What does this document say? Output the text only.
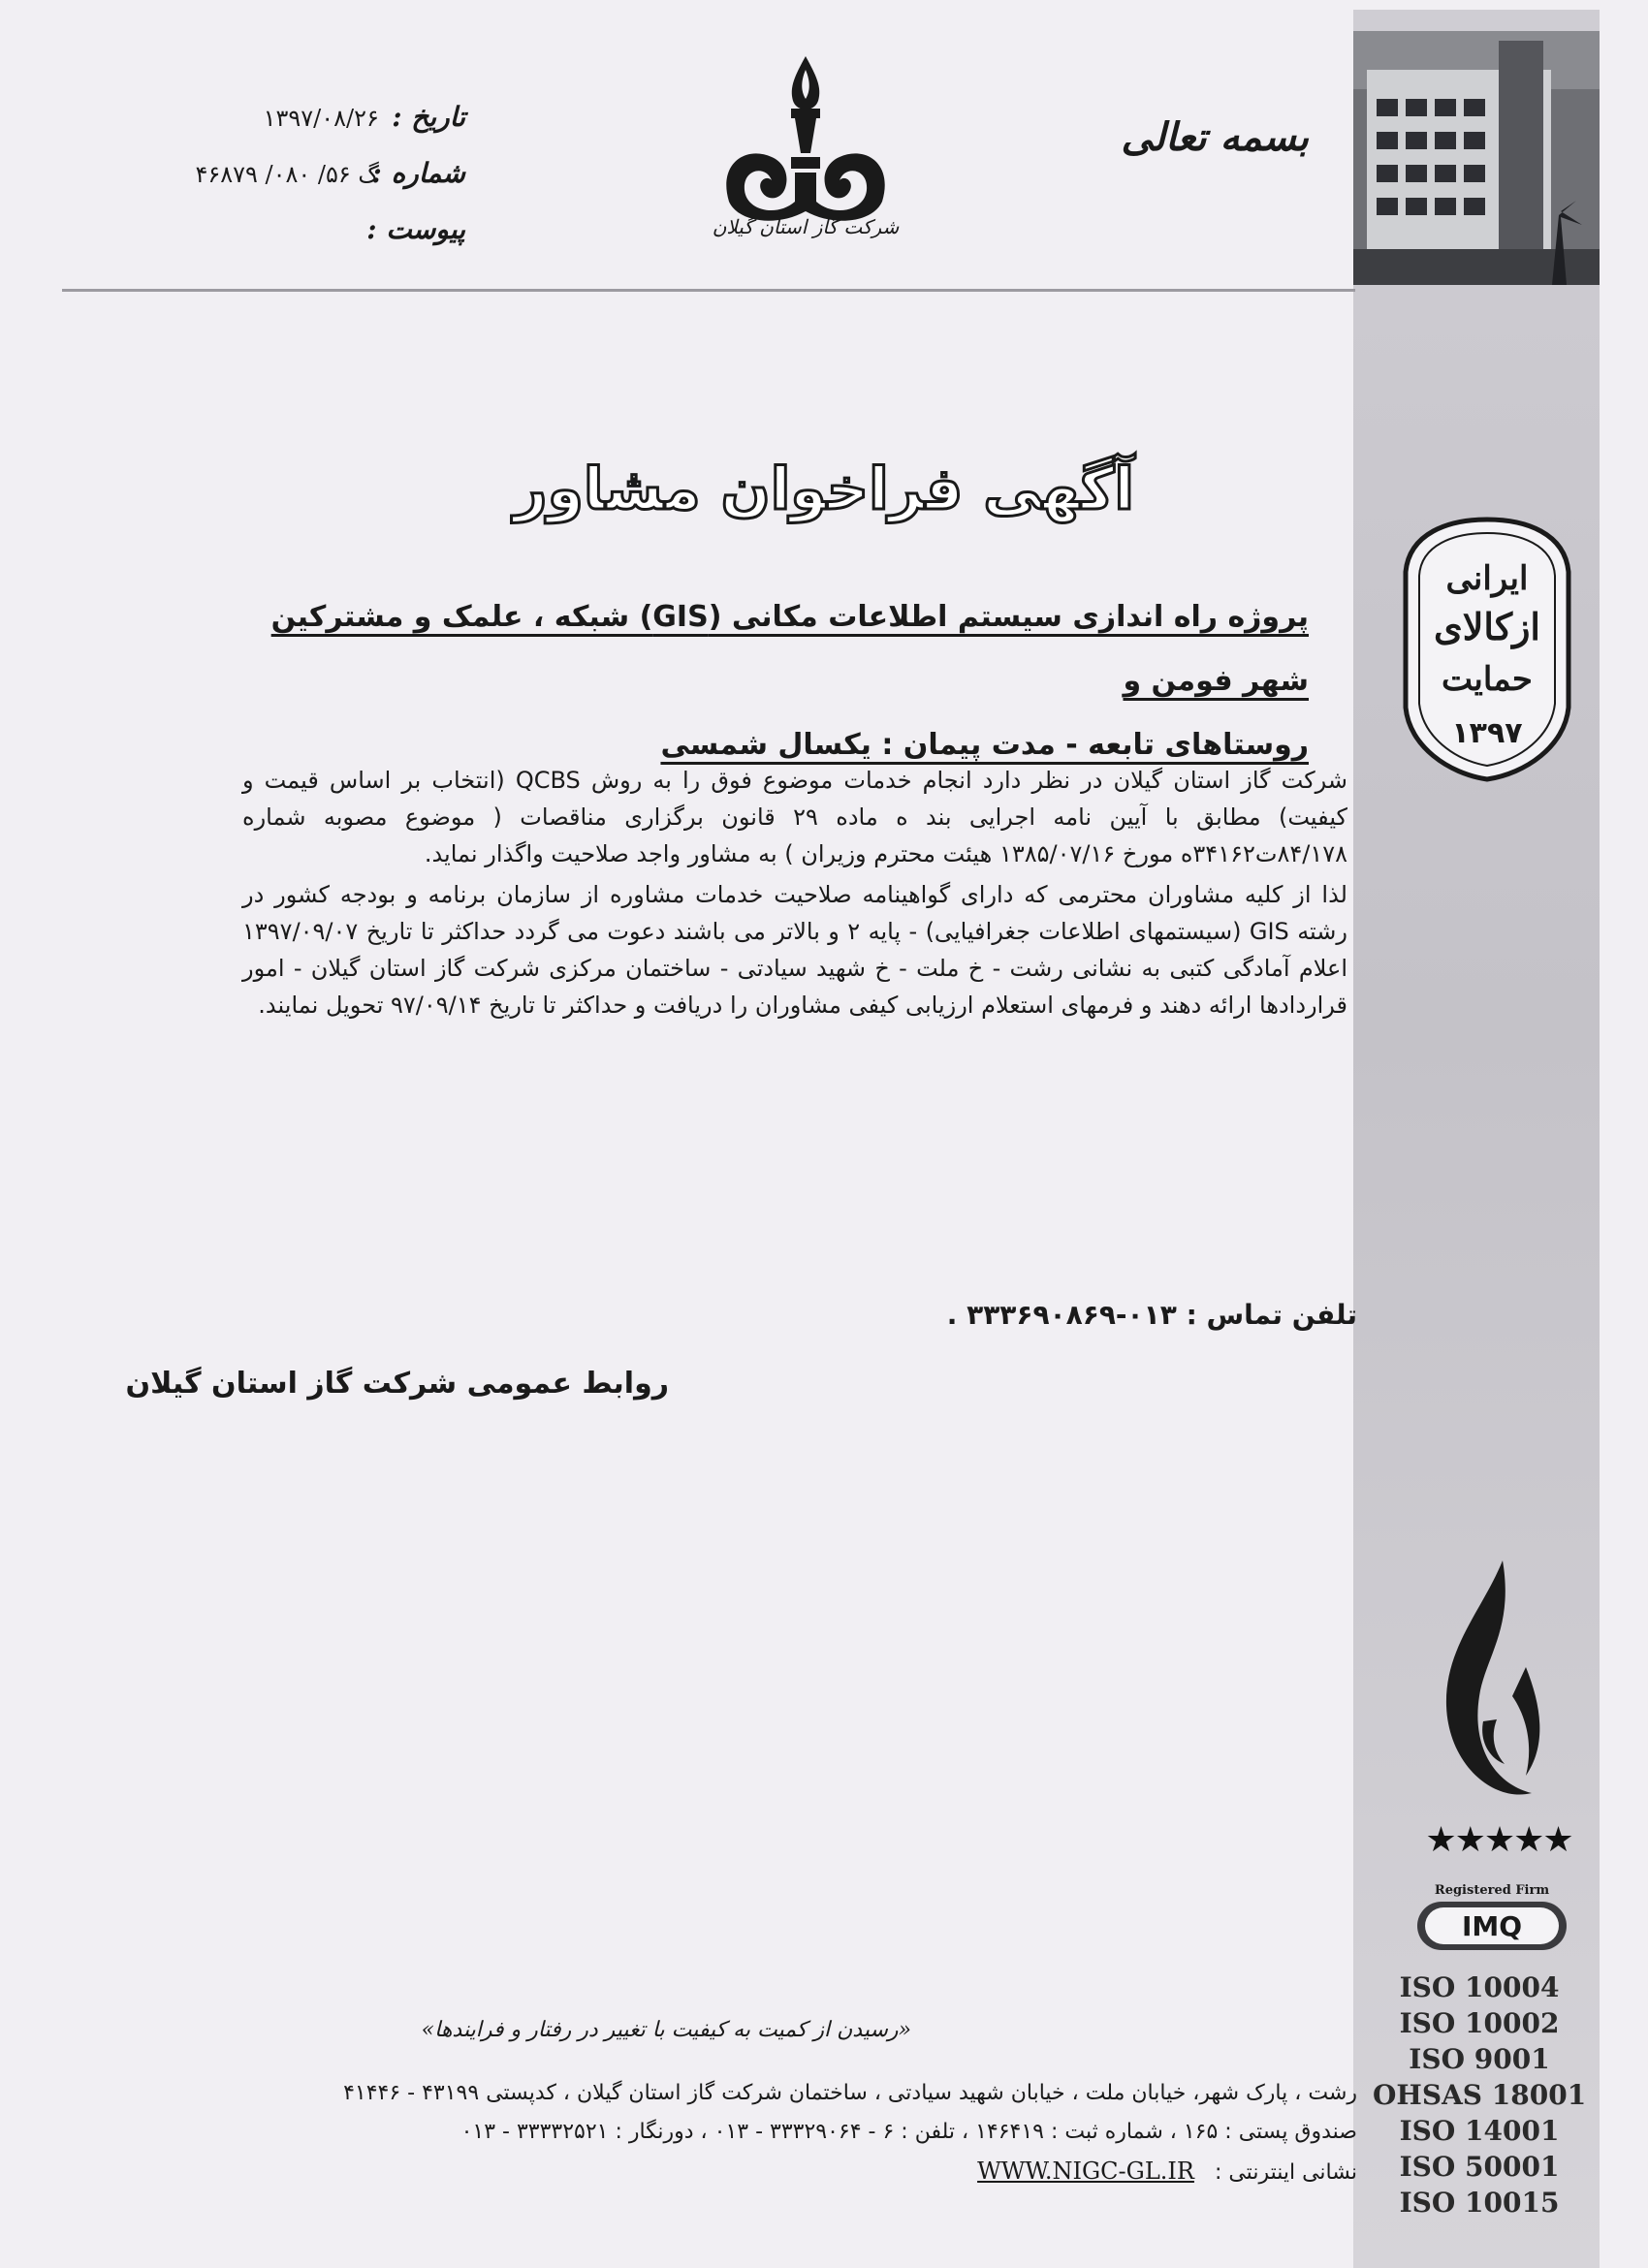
ایرانی
ازکالای
حمایت
۱۳۹۷
★★★★★
Registered Firm
IMQ
ISO 10004
ISO 10002
ISO 9001
OHSAS 18001
ISO 14001
ISO 50001
ISO 10015
بسمه تعالی
شرکت گاز استان گیلان
تاریخ : ۱۳۹۷/۰۸/۲۶
شماره : گ ۵۶/ ۰۸۰/ ۴۶۸۷۹
پیوست :
آگهی فراخوان مشاور
پروژه راه اندازی سیستم اطلاعات مکانی (GIS) شبکه ، علمک و مشترکین شهر فومن و
روستاهای تابعه - مدت پیمان : یکسال شمسی

شرکت گاز استان گیلان در نظر دارد انجام خدمات موضوع فوق را به روش QCBS (انتخاب بر اساس قیمت و کیفیت) مطابق با آیین نامه اجرایی بند ه ماده ۲۹ قانون برگزاری مناقصات ( موضوع مصوبه شماره ۸۴/۱۷۸ت۳۴۱۶۲ه مورخ ۱۳۸۵/۰۷/۱۶ هیئت محترم وزیران ) به مشاور واجد صلاحیت واگذار نماید.

لذا از کلیه مشاوران محترمی که دارای گواهینامه صلاحیت خدمات مشاوره از سازمان برنامه و بودجه کشور در رشته GIS (سیستمهای اطلاعات جغرافیایی) - پایه ۲ و بالاتر می باشند دعوت می گردد حداکثر تا تاریخ ۱۳۹۷/۰۹/۰۷ اعلام آمادگی کتبی به نشانی رشت - خ ملت - خ شهید سیادتی - ساختمان مرکزی شرکت گاز استان گیلان - امور قراردادها ارائه دهند و فرمهای استعلام ارزیابی کیفی مشاوران را دریافت و حداکثر تا تاریخ ۹۷/۰۹/۱۴ تحویل نمایند.

تلفن تماس : ۰۱۳-۳۳۳۶۹۰۸۶۹ .
روابط عمومی شرکت گاز استان گیلان
«رسیدن از کمیت به کیفیت با تغییر در رفتار و فرایندها»
رشت ، پارک شهر، خیابان ملت ، خیابان شهید سیادتی ، ساختمان شرکت گاز استان گیلان ، کدپستی ۴۳۱۹۹ - ۴۱۴۴۶
صندوق پستی : ۱۶۵ ، شماره ثبت : ۱۴۶۴۱۹ ، تلفن : ۶ - ۳۳۳۲۹۰۶۴ - ۰۱۳ ، دورنگار : ۳۳۳۳۲۵۲۱ - ۰۱۳
نشانی اینترنتی : WWW.NIGC-GL.IR
